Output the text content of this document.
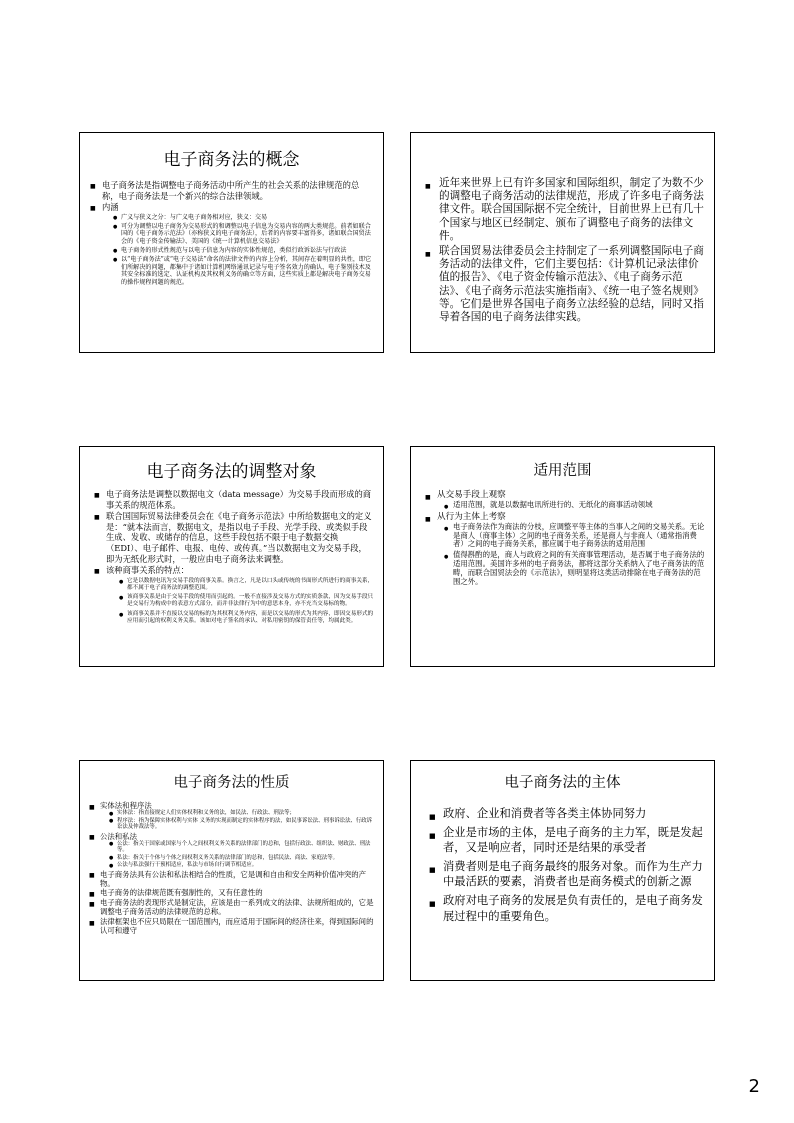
电子商务法的概念
■ 电子商务法是指调整电子商务活动中所产生的社会关系的法律规范的总称，电子商务法是一个新兴的综合法律领域。
■ 内涵
● 广义与狭义之分：与广义电子商务相对应，狭义：交易
● 可分为调整以电子商务为交易形式的和调整以电子信息为交易内容的两大类规范。前者如联合国的《电子商务示范法》（亦称狭义的电子商务法），后者的内容要丰富得多，诸如联合国贸法会的《电子资金传输法》、美国的《统一计算机信息交易法》
● 电子商务的形式性规范与以电子信息为内容的实体性规范，类似行政诉讼法与行政法
● 以“电子商务法”或“电子交易法”命名的法律文件的内容上分析，其间存在着明显的共性，即它们所解决的问题，都集中于诸如计算机网络通讯记录与电子签名效力的确认、电子鉴别技术及其安全标准的选定、认证机构及其权利义务的确立等方面，这些实质上都是解决电子商务交易的操作规程问题的规范。
■ 近年来世界上已有许多国家和国际组织，制定了为数不少的调整电子商务活动的法律规范，形成了许多电子商务法律文件。联合国国际据不完全统计，目前世界上已有几十个国家与地区已经制定、颁布了调整电子商务的法律文件。
■ 联合国贸易法律委员会主持制定了一系列调整国际电子商务活动的法律文件，它们主要包括：《计算机记录法律价值的报告》、《电子资金传输示范法》、《电子商务示范法》、《电子商务示范法实施指南》、《统一电子签名规则》等。它们是世界各国电子商务立法经验的总结，同时又指导着各国的电子商务法律实践。
电子商务法的调整对象
■ 电子商务法是调整以数据电文（data message）为交易手段而形成的商事关系的规范体系。
■ 联合国国际贸易法律委员会在《电子商务示范法》中所给数据电文的定义是：“就本法而言，数据电文，是指以电子手段、光学手段、或类似手段生成、发收、或储存的信息，这些手段包括不限于电子数据交换（EDI）、电子邮件、电报、电传、或传真。”当以数据电文为交易手段，即为无纸化形式时，一般应由电子商务法来调整。
■ 该种商事关系的特点：
● 它是以数据电讯为交易手段的商事关系。换言之，凡是以口头或传统的书面形式所进行的商事关系，都不属于电子商务法的调整范围。
● 该商事关系是由于交易手段的使用而引起的。一般不直接涉及交易方式的实质条款，因为交易手段只是交易行为构成中的表意方式部分，而并非法律行为中的意思本身，亦不充当交易标的物。
● 该商事关系并不直接以交易的标的为其权利义务内容，而是以交易的形式为其内容，即因交易形式的应用而引起的权利义务关系。该如对电子签名的承认、对私用密钥的保管责任等，均属此类。
适用范围
■ 从交易手段上观察
● 适用范围，就是以数据电讯所进行的、无纸化的商事活动领域
■ 从行为主体上考察
● 电子商务法作为商法的分枝，应调整平等主体的当事人之间的交易关系。无论是商人（商事主体）之间的电子商务关系，还是商人与非商人（通常指消费者）之间的电子商务关系，都应属于电子商务法的适用范围
● 值得斟酌的是，商人与政府之间的有关商事管理活动，是否属于电子商务法的适用范围。美国许多州的电子商务法，都将这部分关系纳入了电子商务法的范畴，而联合国贸法会的《示范法》，则明显将这类活动排除在电子商务法的范围之外。
电子商务法的性质
■ 实体法和程序法
● 实体法：指直接规定人们实体权利和义务的法，如民法、行政法、刑法等；
● 程序法：指为保障实体权利与实体 义务的实现而制定的实体程序的法，如民事诉讼法、刑事诉讼法、行政诉讼法及仲裁法等。
■ 公法和私法
● 公法：指关于国家或国家与个人之间权利义务关系的法律部门的总和，包括行政法、组织法、财政法、刑法等。
● 私法：指关于个体与个体之间权利义务关系的法律部门的总和，包括民法、商法、家庭法等。
● 公法与私法强行干预相适应，私法与市场自行调节相适应。
■ 电子商务法具有公法和私法相结合的性质，它是调和自由和安全两种价值冲突的产物。
■ 电子商务的法律规范既有强制性的，又有任意性的
■ 电子商务法的表现形式是制定法，应该是由一系列成文的法律、法规所组成的，它是调整电子商务活动的法律规范的总称。
■ 法律框架也不应只局限在一国范围内，而应适用于国际间的经济往来，得到国际间的认可和遵守
电子商务法的主体
■ 政府、企业和消费者等各类主体协同努力
■ 企业是市场的主体，是电子商务的主力军，既是发起者，又是响应者，同时还是结果的承受者
■ 消费者则是电子商务最终的服务对象。而作为生产力中最活跃的要素，消费者也是商务模式的创新之源
■ 政府对电子商务的发展是负有责任的，是电子商务发展过程中的重要角色。
2
